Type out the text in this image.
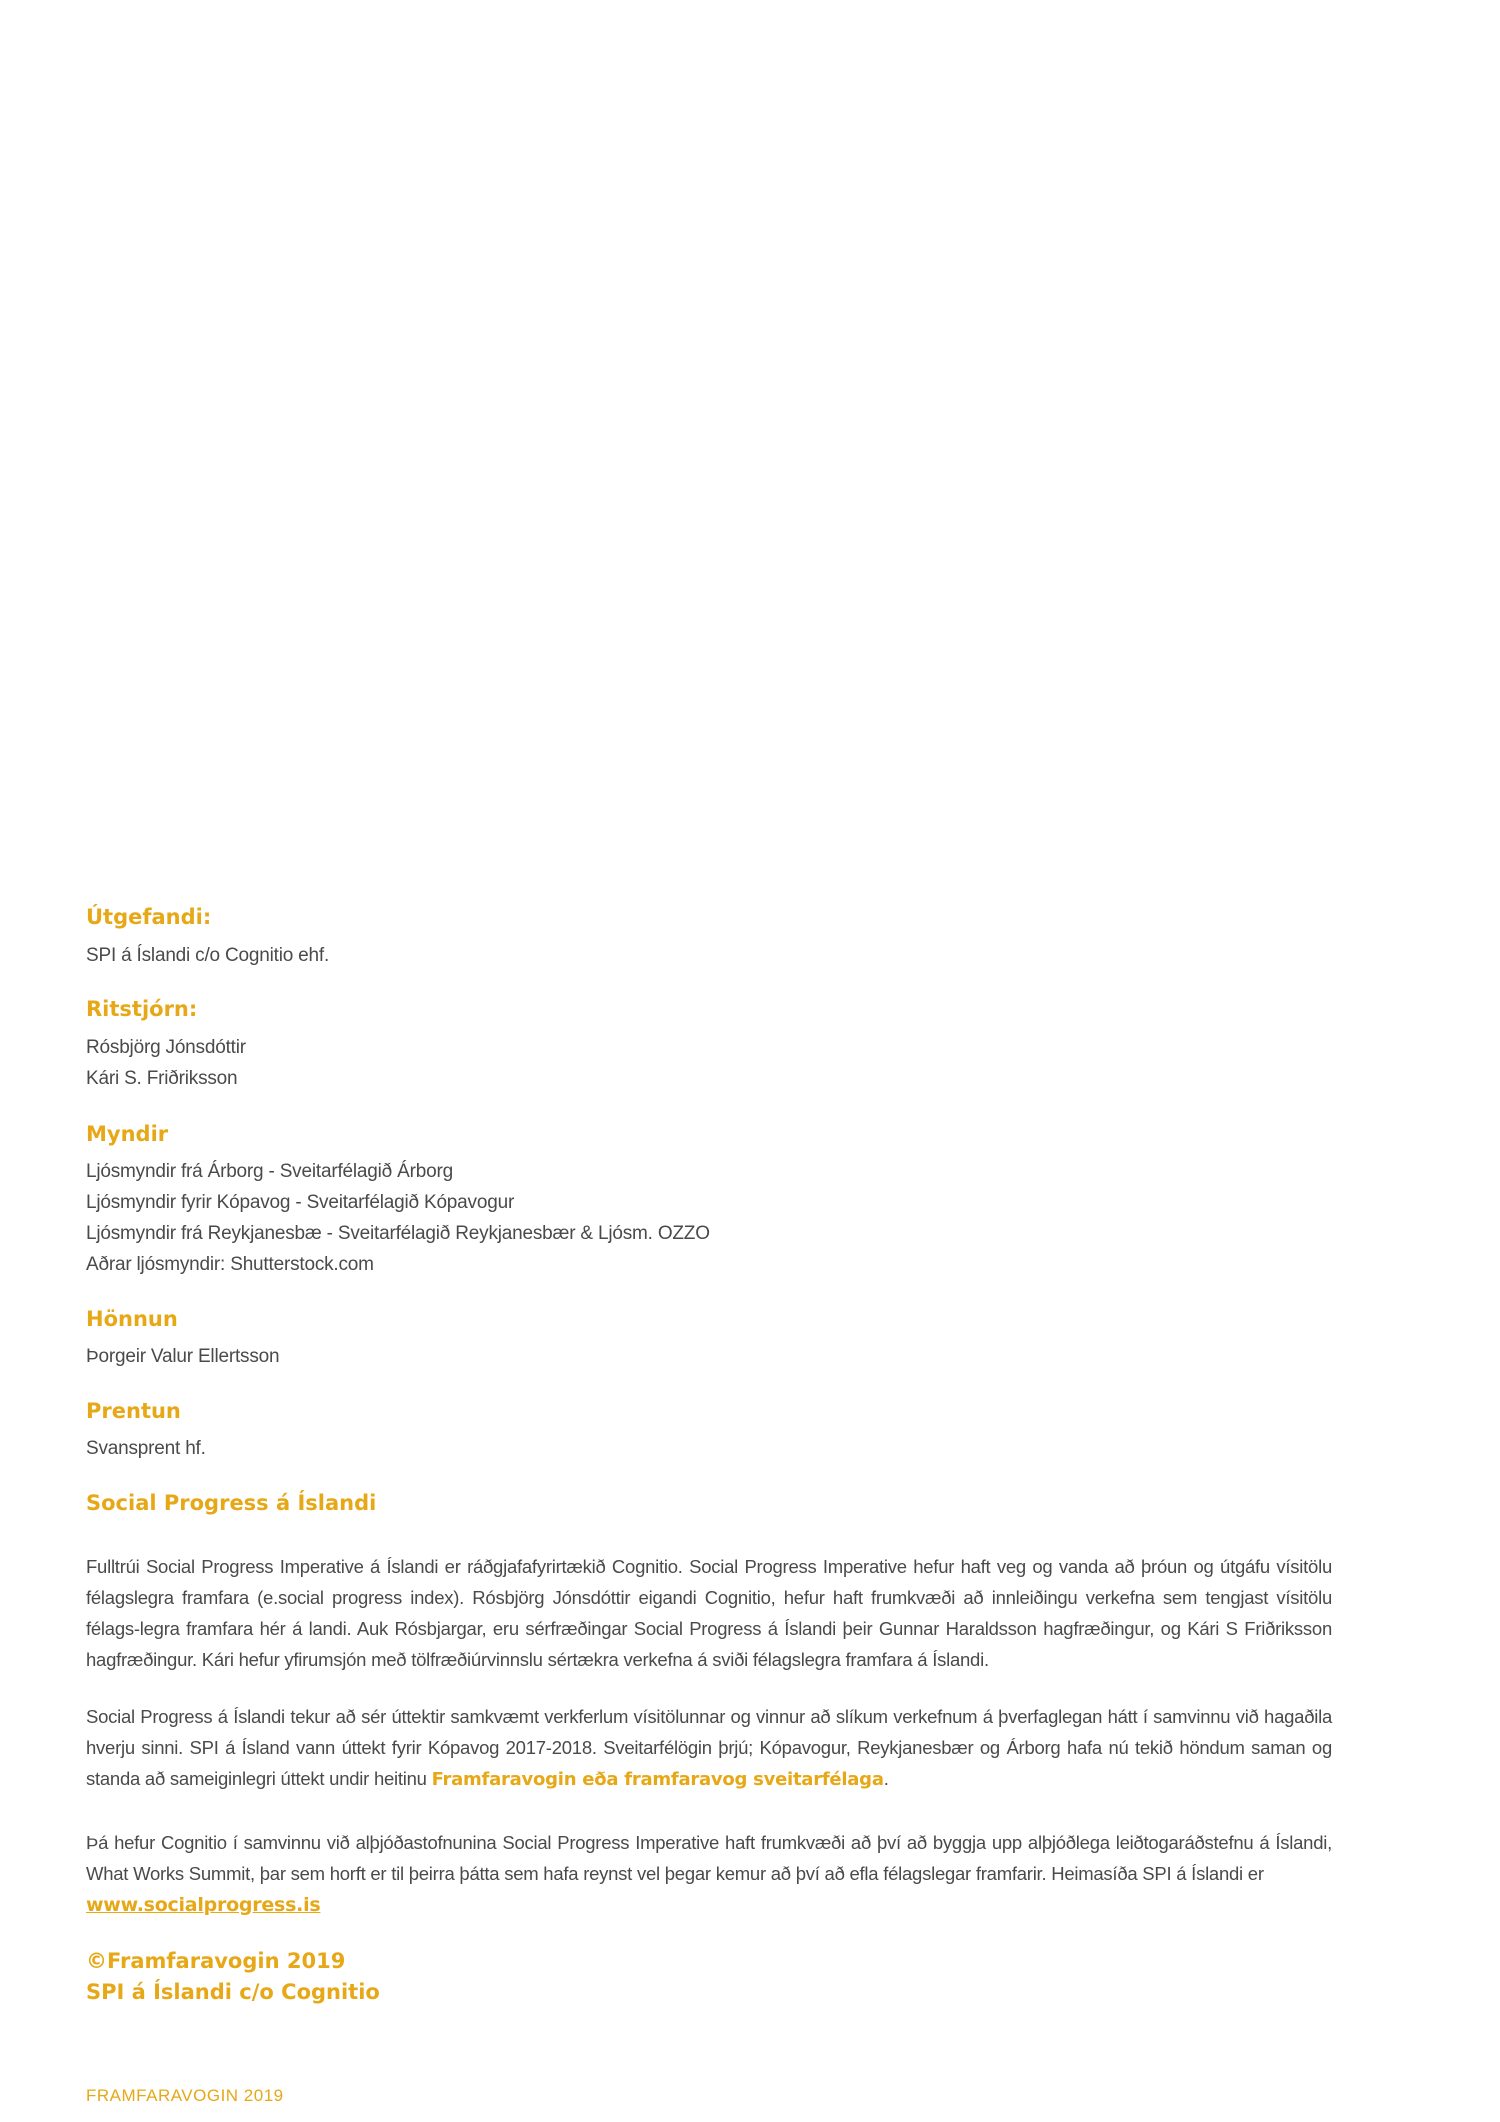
Útgefandi:
SPI á Íslandi c/o Cognitio ehf.
Ritstjórn:
Rósbjörg Jónsdóttir
Kári S. Friðriksson
Myndir
Ljósmyndir frá Árborg - Sveitarfélagið Árborg
Ljósmyndir fyrir Kópavog - Sveitarfélagið Kópavogur
Ljósmyndir frá Reykjanesbæ - Sveitarfélagið Reykjanesbær & Ljósm. OZZO
Aðrar ljósmyndir: Shutterstock.com
Hönnun
Þorgeir Valur Ellertsson
Prentun
Svansprent hf.
Social Progress á Íslandi

Fulltrúi Social Progress Imperative á Íslandi er ráðgjafafyrirtækið Cognitio. Social Progress Imperative hefur haft veg og vanda að þróun og útgáfu vísitölu félagslegra framfara (e.social progress index). Rósbjörg Jónsdóttir eigandi Cognitio, hefur haft frumkvæði að innleiðingu verkefna sem tengjast vísitölu félags-legra framfara hér á landi. Auk Rósbjargar, eru sérfræðingar Social Progress á Íslandi þeir Gunnar Haraldsson hagfræðingur, og Kári S Friðriksson hagfræðingur. Kári hefur yfirumsjón með tölfræðiúrvinnslu sértækra verkefna á sviði félagslegra framfara á Íslandi.

Social Progress á Íslandi tekur að sér úttektir samkvæmt verkferlum vísitölunnar og vinnur að slíkum verkefnum á þverfaglegan hátt í samvinnu við hagaðila hverju sinni. SPI á Ísland vann úttekt fyrir Kópavog 2017-2018. Sveitarfélögin þrjú; Kópavogur, Reykjanesbær og Árborg hafa nú tekið höndum saman og standa að sameiginlegri úttekt undir heitinu Framfaravogin eða framfaravog sveitarfélaga.

Þá hefur Cognitio í samvinnu við alþjóðastofnunina Social Progress Imperative haft frumkvæði að því að byggja upp alþjóðlega leiðtogaráðstefnu á Íslandi, What Works Summit, þar sem horft er til þeirra þátta sem hafa reynst vel þegar kemur að því að efla félagslegar framfarir. Heimasíða SPI á Íslandi er
www.socialprogress.is

©Framfaravogin 2019

SPI á Íslandi c/o Cognitio

FRAMFARAVOGIN 2019
